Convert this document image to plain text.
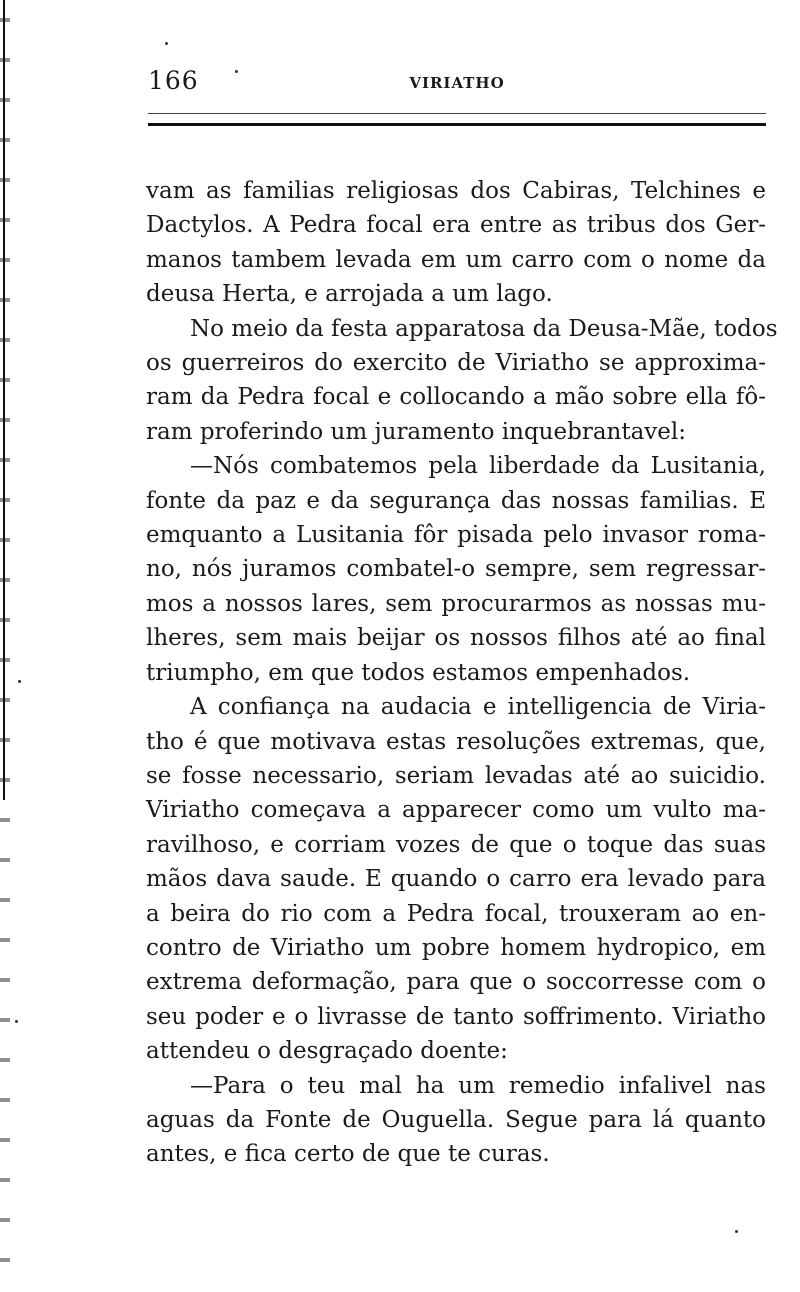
166	VIRIATHO
vam as familias religiosas dos Cabiras, Telchines e
Dactylos. A Pedra focal era entre as tribus dos Ger-
manos tambem levada em um carro com o nome da
deusa Herta, e arrojada a um lago.
No meio da festa apparatosa da Deusa-Mãe, todos
os guerreiros do exercito de Viriatho se approxima-
ram da Pedra focal e collocando a mão sobre ella fô-
ram proferindo um juramento inquebrantavel:
—Nós combatemos pela liberdade da Lusitania,
fonte da paz e da segurança das nossas familias. E
emquanto a Lusitania fôr pisada pelo invasor roma-
no, nós juramos combatel-o sempre, sem regressar-
mos a nossos lares, sem procurarmos as nossas mu-
lheres, sem mais beijar os nossos filhos até ao final
triumpho, em que todos estamos empenhados.
A confiança na audacia e intelligencia de Viria-
tho é que motivava estas resoluções extremas, que,
se fosse necessario, seriam levadas até ao suicidio.
Viriatho começava a apparecer como um vulto ma-
ravilhoso, e corriam vozes de que o toque das suas
mãos dava saude. E quando o carro era levado para
a beira do rio com a Pedra focal, trouxeram ao en-
contro de Viriatho um pobre homem hydropico, em
extrema deformação, para que o soccorresse com o
seu poder e o livrasse de tanto soffrimento. Viriatho
attendeu o desgraçado doente:
—Para o teu mal ha um remedio infalivel nas
aguas da Fonte de Ouguella. Segue para lá quanto
antes, e fica certo de que te curas.
